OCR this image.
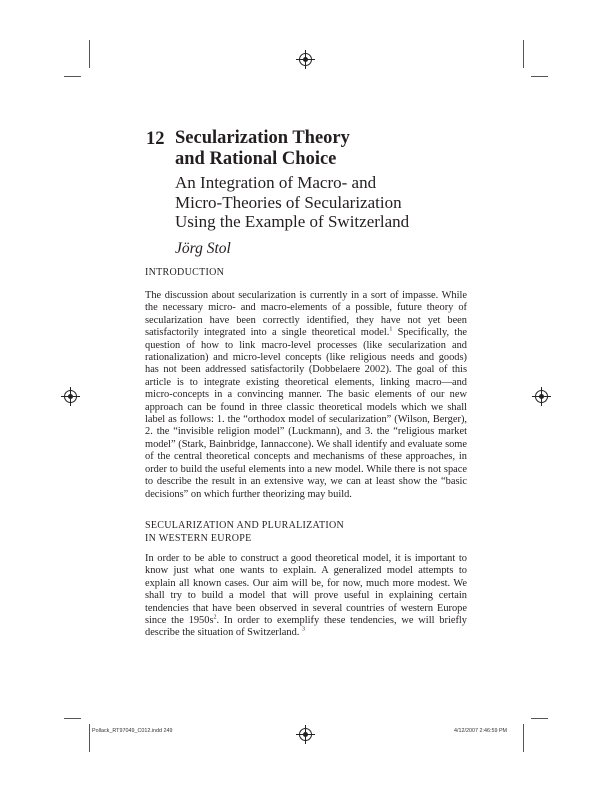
12 Secularization Theory
and Rational Choice
An Integration of Macro- and
Micro-Theories of Secularization
Using the Example of Switzerland
Jörg Stol
INTRODUCTION
The discussion about secularization is currently in a sort of impasse. While the necessary micro- and macro-elements of a possible, future theory of secularization have been correctly identified, they have not yet been satisfactorily integrated into a single theoretical model.$^1$ Specifically, the question of how to link macro-level processes (like secularization and rationalization) and micro-level concepts (like religious needs and goods) has not been addressed satisfactorily (Dobbelaere 2002). The goal of this article is to integrate existing theoretical elements, linking macro—and micro-concepts in a convincing manner. The basic elements of our new approach can be found in three classic theoretical models which we shall label as follows: 1. the “orthodox model of secularization” (Wilson, Berger), 2. the “invisible religion model” (Luckmann), and 3. the “religious market model” (Stark, Bainbridge, Iannaccone). We shall identify and evaluate some of the central theoretical concepts and mechanisms of these approaches, in order to build the useful elements into a new model. While there is not space to describe the result in an extensive way, we can at least show the “basic decisions” on which further theorizing may build.
SECULARIZATION AND PLURALIZATION
IN WESTERN EUROPE
In order to be able to construct a good theoretical model, it is important to know just what one wants to explain. A generalized model attempts to explain all known cases. Our aim will be, for now, much more modest. We shall try to build a model that will prove useful in explaining certain tendencies that have been observed in several countries of western Europe since the $1950s^2$. In order to exemplify these tendencies, we will briefly describe the situation of Switzerland. $^3$
Pollack_RT97049_C012.indd 249	4/12/2007 2:46:59 PM
